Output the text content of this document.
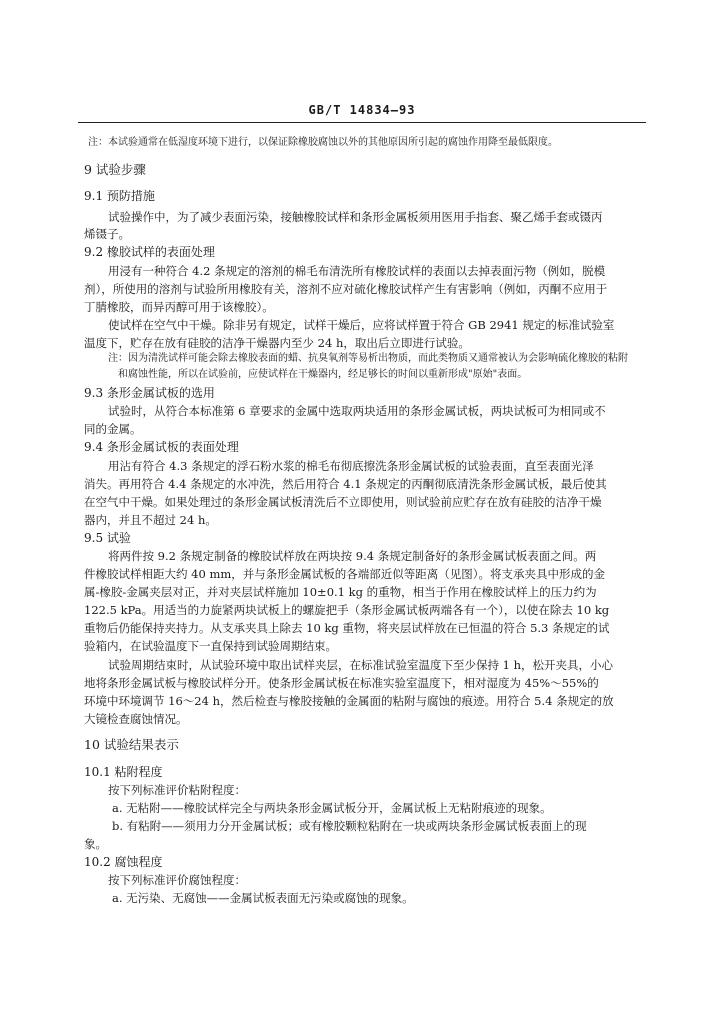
GB/T 14834—93
注：本试验通常在低湿度环境下进行，以保证除橡胶腐蚀以外的其他原因所引起的腐蚀作用降至最低限度。
9 试验步骤
9.1 预防措施
试验操作中，为了减少表面污染，接触橡胶试样和条形金属板须用医用手指套、聚乙烯手套或镊丙
烯镊子。
9.2 橡胶试样的表面处理
用浸有一种符合 4.2 条规定的溶剂的棉毛布清洗所有橡胶试样的表面以去掉表面污物（例如，脱模
剂），所使用的溶剂与试验所用橡胶有关，溶剂不应对硫化橡胶试样产生有害影响（例如，丙酮不应用于
丁腈橡胶，而异丙醇可用于该橡胶）。
使试样在空气中干燥。除非另有规定，试样干燥后，应将试样置于符合 GB 2941 规定的标准试验室
温度下，贮存在放有硅胶的洁净干燥器内至少 24 h，取出后立即进行试验。
注：因为清洗试样可能会除去橡胶表面的蜡、抗臭氧剂等易析出物质，而此类物质又通常被认为会影响硫化橡胶的粘附
和腐蚀性能，所以在试验前，应使试样在干燥器内，经足够长的时间以重新形成"原始"表面。
9.3 条形金属试板的选用
试验时，从符合本标准第 6 章要求的金属中选取两块适用的条形金属试板，两块试板可为相同或不
同的金属。
9.4 条形金属试板的表面处理
用沾有符合 4.3 条规定的浮石粉水浆的棉毛布彻底擦洗条形金属试板的试验表面，直至表面光泽
消失。再用符合 4.4 条规定的水冲洗，然后用符合 4.1 条规定的丙酮彻底清洗条形金属试板，最后使其
在空气中干燥。如果处理过的条形金属试板清洗后不立即使用，则试验前应贮存在放有硅胶的洁净干燥
器内，并且不超过 24 h。
9.5 试验
将两件按 9.2 条规定制备的橡胶试样放在两块按 9.4 条规定制备好的条形金属试板表面之间。两
件橡胶试样相距大约 40 mm，并与条形金属试板的各端部近似等距离（见图）。将支承夹具中形成的金
属-橡胶-金属夹层对正，并对夹层试样施加 10±0.1 kg 的重物，相当于作用在橡胶试样上的压力约为
122.5 kPa。用适当的力旋紧两块试板上的螺旋把手（条形金属试板两端各有一个），以使在除去 10 kg
重物后仍能保持夹持力。从支承夹具上除去 10 kg 重物，将夹层试样放在已恒温的符合 5.3 条规定的试
验箱内，在试验温度下一直保持到试验周期结束。
试验周期结束时，从试验环境中取出试样夹层，在标准试验室温度下至少保持 1 h，松开夹具，小心
地将条形金属试板与橡胶试样分开。使条形金属试板在标准实验室温度下，相对湿度为 45%～55%的
环境中环境调节 16～24 h，然后检查与橡胶接触的金属面的粘附与腐蚀的痕迹。用符合 5.4 条规定的放
大镜检查腐蚀情况。
10 试验结果表示
10.1 粘附程度
按下列标准评价粘附程度：
a. 无粘附——橡胶试样完全与两块条形金属试板分开，金属试板上无粘附痕迹的现象。
b. 有粘附——须用力分开金属试板；或有橡胶颗粒粘附在一块或两块条形金属试板表面上的现
象。
10.2 腐蚀程度
按下列标准评价腐蚀程度：
a. 无污染、无腐蚀——金属试板表面无污染或腐蚀的现象。
